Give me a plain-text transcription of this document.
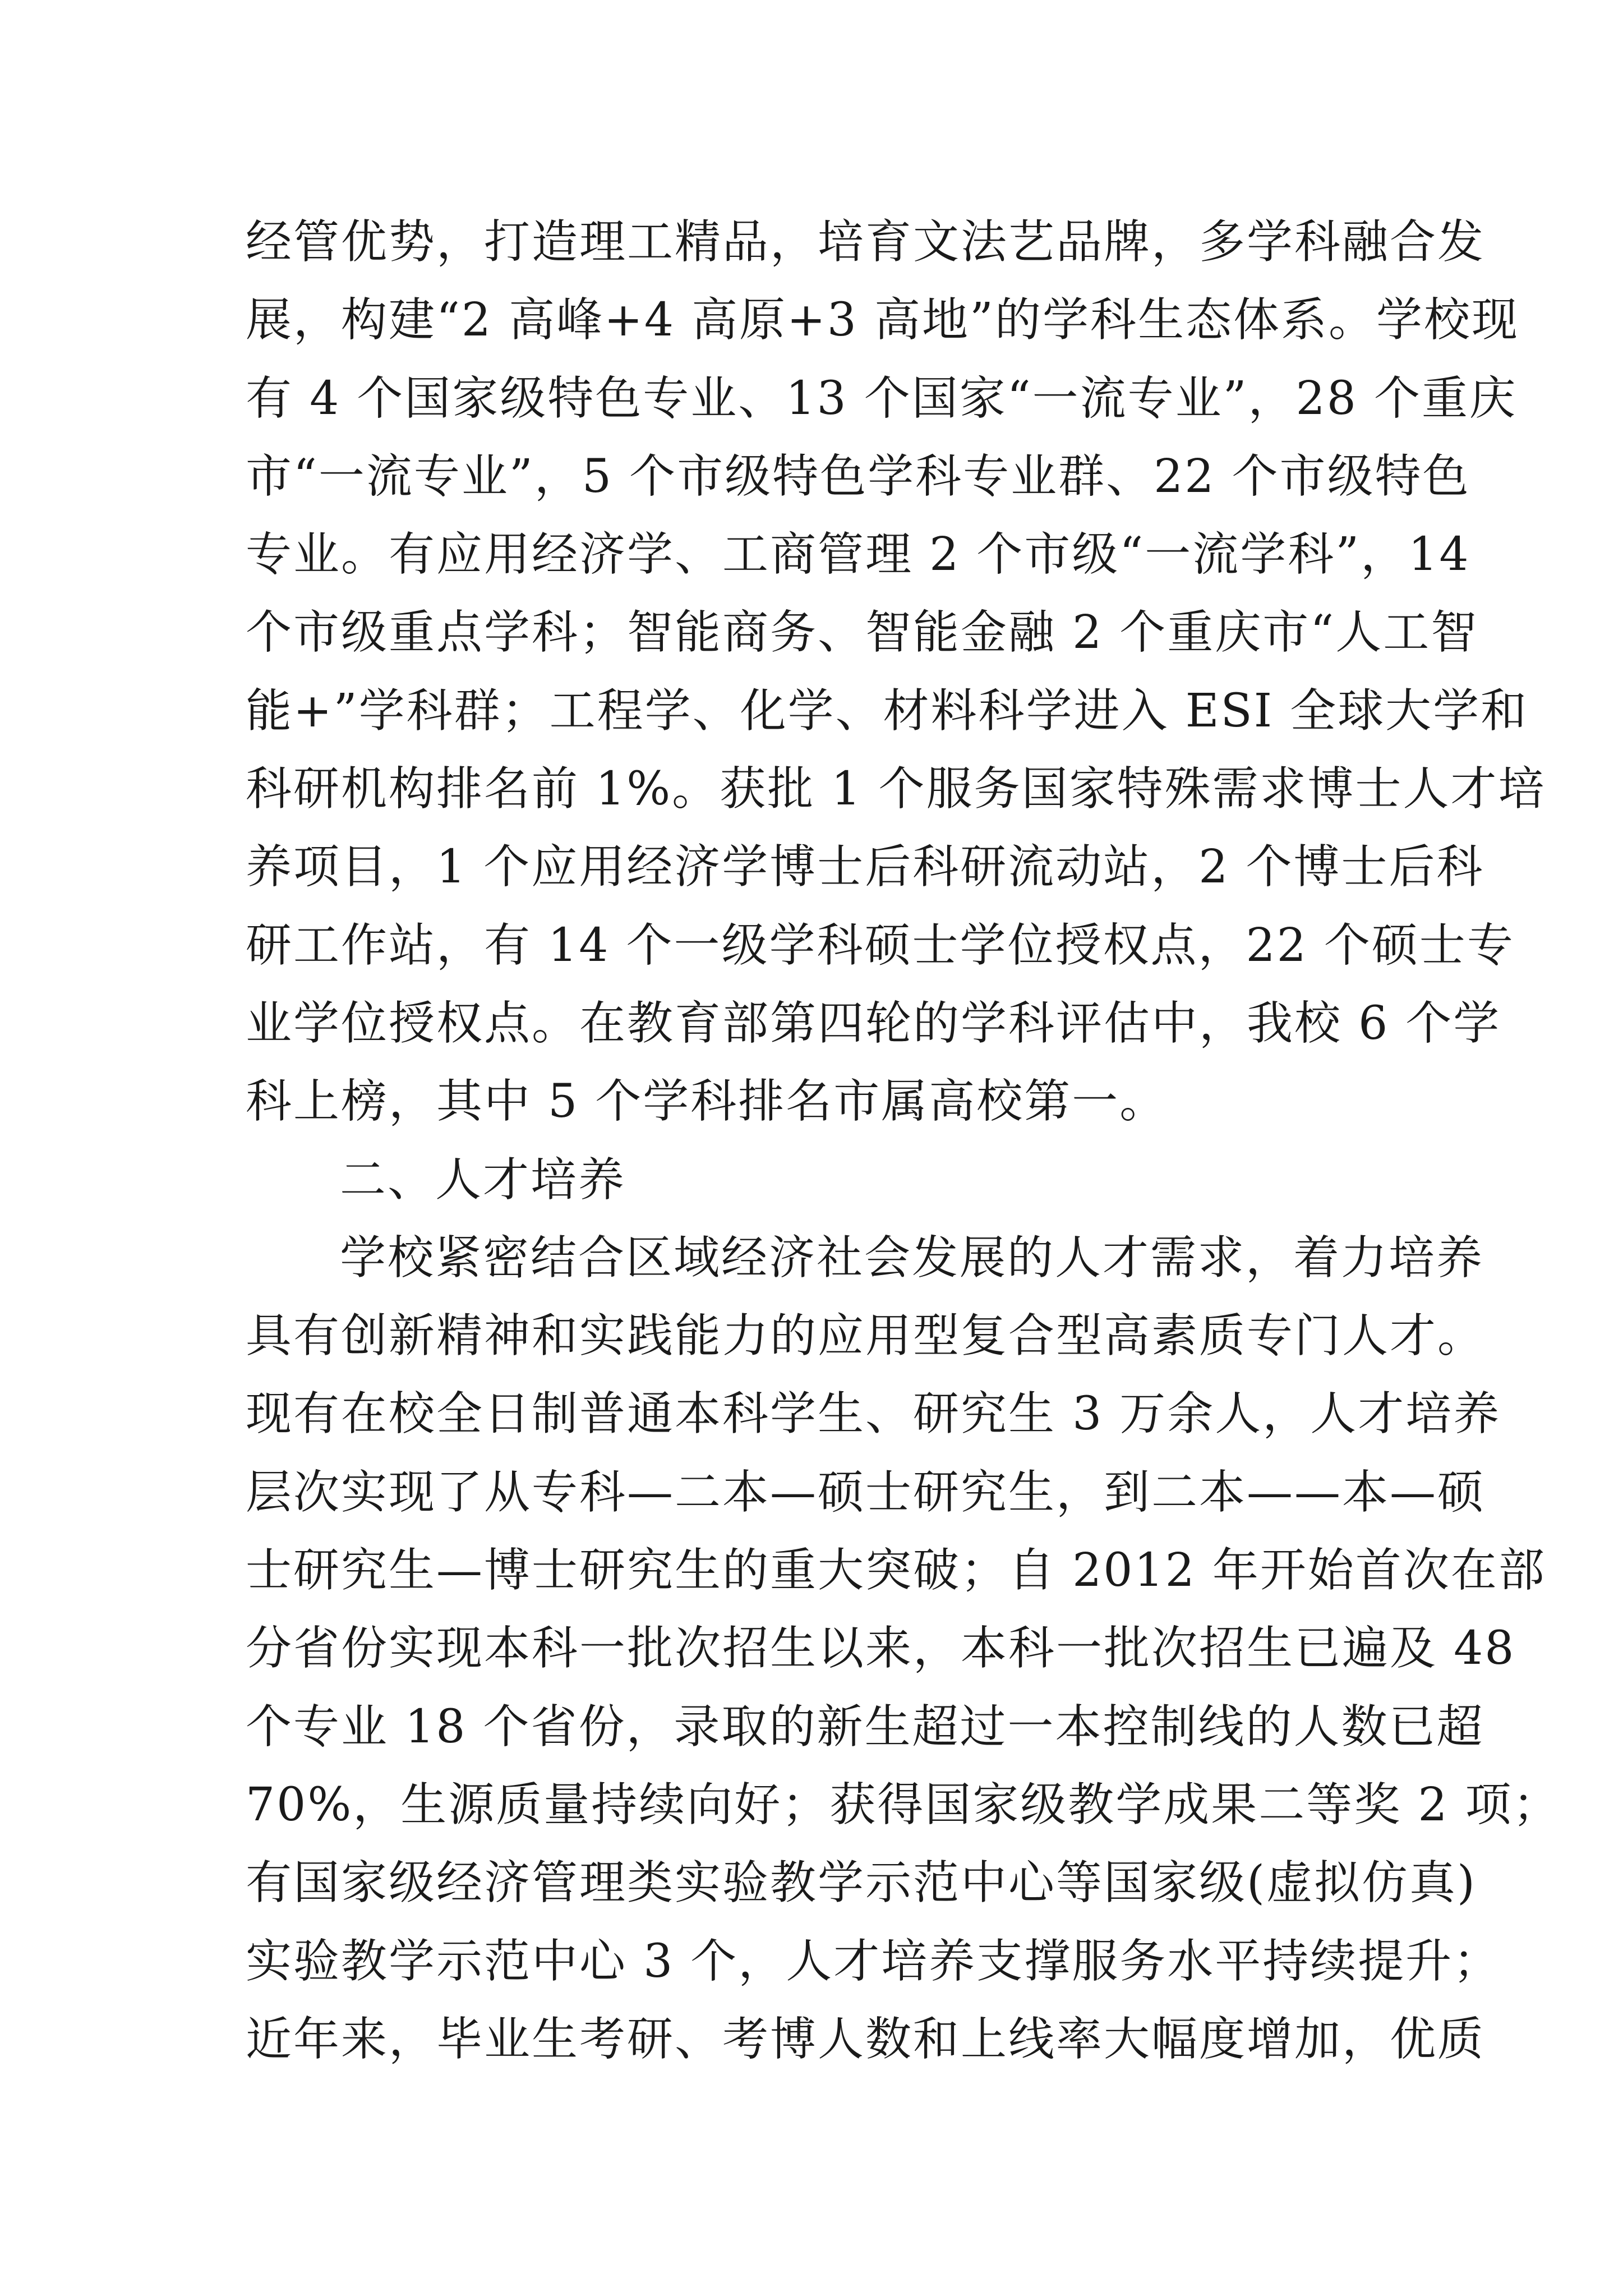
经管优势，打造理工精品，培育文法艺品牌，多学科融合发
展，构建“2 高峰+4 高原+3 高地”的学科生态体系。学校现
有 4 个国家级特色专业、13 个国家“一流专业”，28 个重庆
市“一流专业”，5 个市级特色学科专业群、22 个市级特色
专业。有应用经济学、工商管理 2 个市级“一流学科”，14
个市级重点学科；智能商务、智能金融 2 个重庆市“人工智
能+”学科群；工程学、化学、材料科学进入 ESI 全球大学和
科研机构排名前 1%。获批 1 个服务国家特殊需求博士人才培
养项目，1 个应用经济学博士后科研流动站，2 个博士后科
研工作站，有 14 个一级学科硕士学位授权点，22 个硕士专
业学位授权点。在教育部第四轮的学科评估中，我校 6 个学
科上榜，其中 5 个学科排名市属高校第一。
二、人才培养
学校紧密结合区域经济社会发展的人才需求，着力培养
具有创新精神和实践能力的应用型复合型高素质专门人才。
现有在校全日制普通本科学生、研究生 3 万余人，人才培养
层次实现了从专科—二本—硕士研究生，到二本——本—硕
士研究生—博士研究生的重大突破；自 2012 年开始首次在部
分省份实现本科一批次招生以来，本科一批次招生已遍及 48
个专业 18 个省份，录取的新生超过一本控制线的人数已超
70%，生源质量持续向好；获得国家级教学成果二等奖 2 项；
有国家级经济管理类实验教学示范中心等国家级(虚拟仿真)
实验教学示范中心 3 个，人才培养支撑服务水平持续提升；
近年来，毕业生考研、考博人数和上线率大幅度增加，优质
